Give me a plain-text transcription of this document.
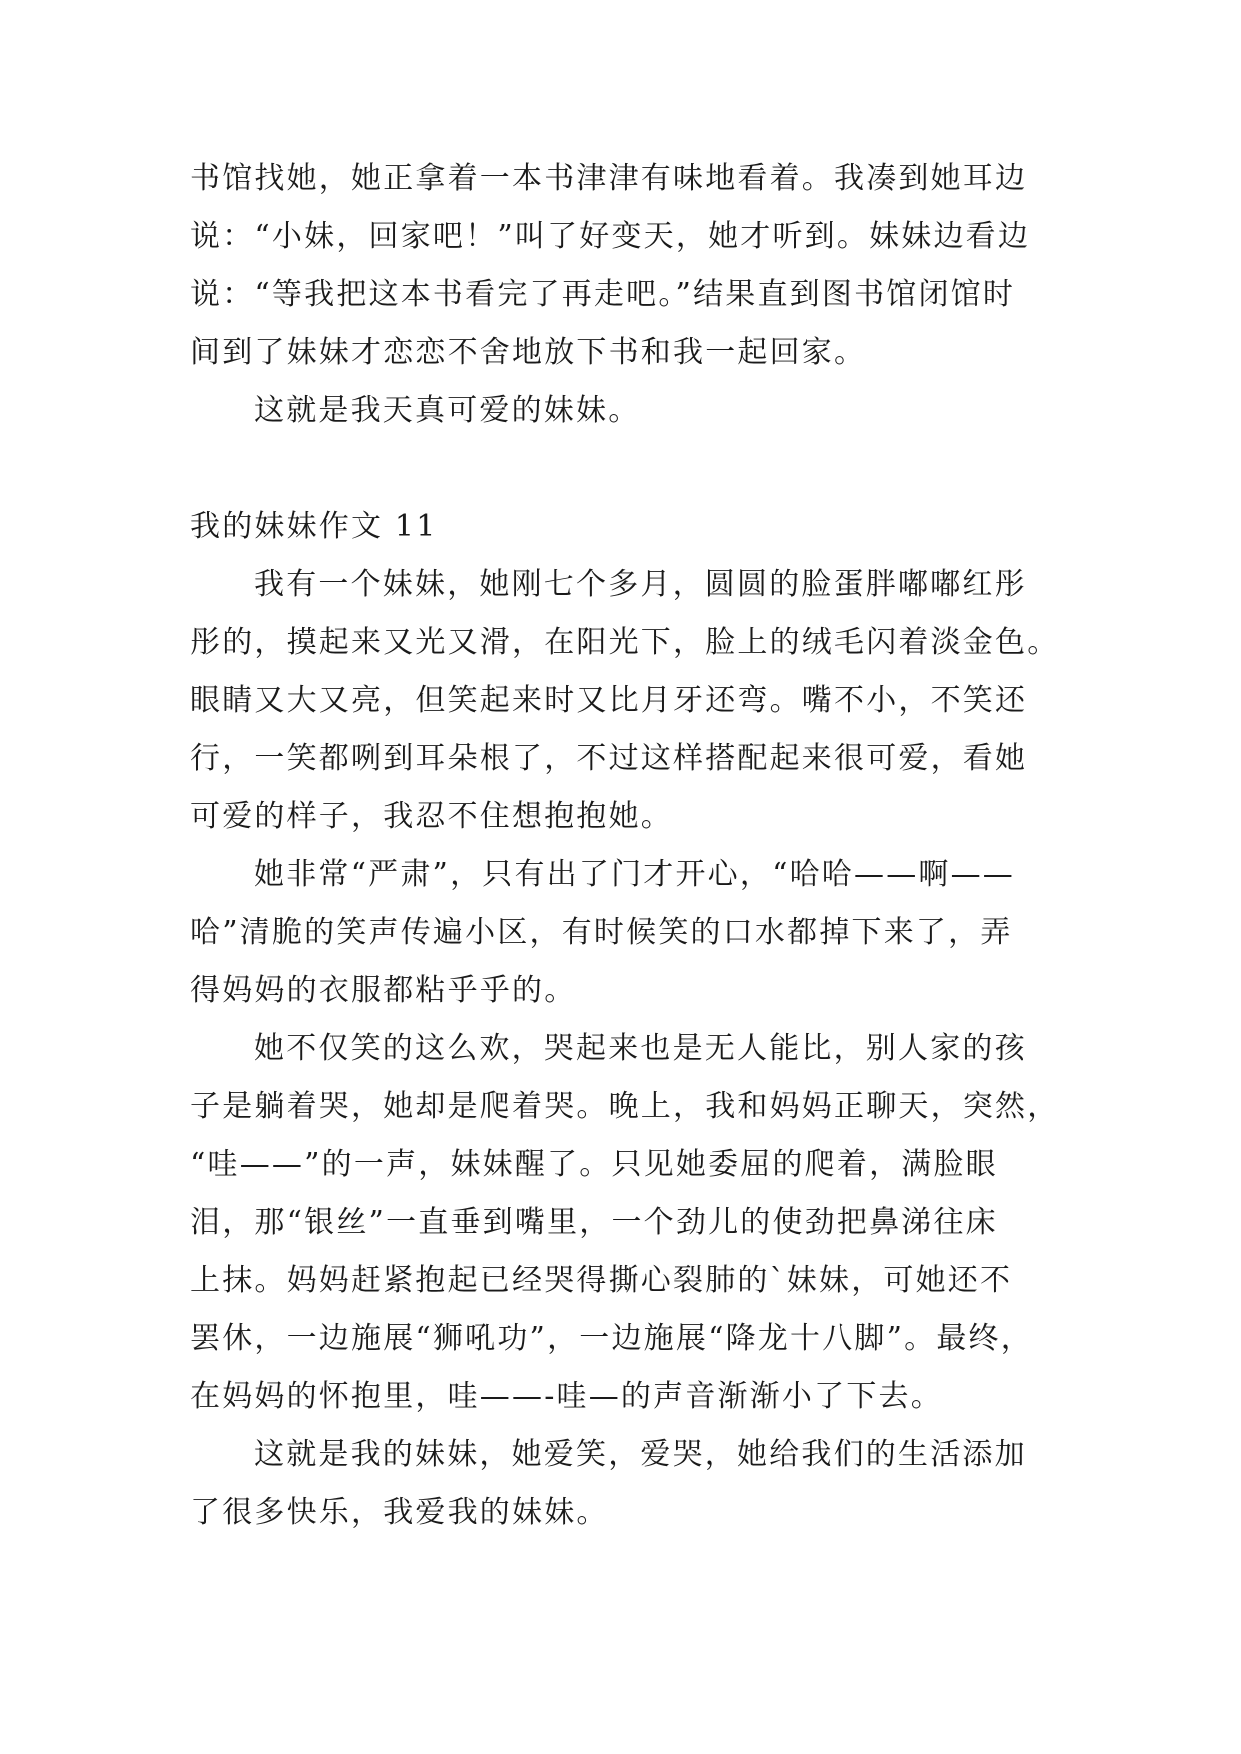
书馆找她，她正拿着一本书津津有味地看着。我凑到她耳边
说：“小妹，回家吧！”叫了好变天，她才听到。妹妹边看边
说：“等我把这本书看完了再走吧。”结果直到图书馆闭馆时
间到了妹妹才恋恋不舍地放下书和我一起回家。
这就是我天真可爱的妹妹。
我的妹妹作文 11
我有一个妹妹，她刚七个多月，圆圆的脸蛋胖嘟嘟红彤
彤的，摸起来又光又滑，在阳光下，脸上的绒毛闪着淡金色。
眼睛又大又亮，但笑起来时又比月牙还弯。嘴不小，不笑还
行，一笑都咧到耳朵根了，不过这样搭配起来很可爱，看她
可爱的样子，我忍不住想抱抱她。
她非常“严肃”，只有出了门才开心，“哈哈——啊——
哈”清脆的笑声传遍小区，有时候笑的口水都掉下来了，弄
得妈妈的衣服都粘乎乎的。
她不仅笑的这么欢，哭起来也是无人能比，别人家的孩
子是躺着哭，她却是爬着哭。晚上，我和妈妈正聊天，突然，
“哇——”的一声，妹妹醒了。只见她委屈的爬着，满脸眼
泪，那“银丝”一直垂到嘴里，一个劲儿的使劲把鼻涕往床
上抹。妈妈赶紧抱起已经哭得撕心裂肺的`妹妹，可她还不
罢休，一边施展“狮吼功”，一边施展“降龙十八脚”。最终，
在妈妈的怀抱里，哇——-哇—的声音渐渐小了下去。
这就是我的妹妹，她爱笑，爱哭，她给我们的生活添加
了很多快乐，我爱我的妹妹。
